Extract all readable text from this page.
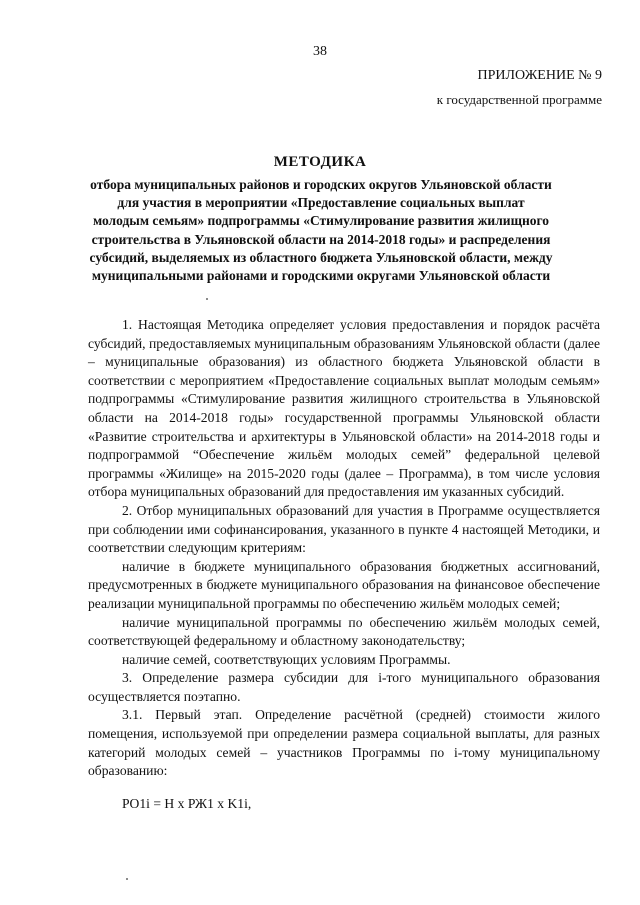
38
ПРИЛОЖЕНИЕ № 9
к государственной программе
МЕТОДИКА
отбора муниципальных районов и городских округов Ульяновской области для участия в мероприятии «Предоставление социальных выплат молодым семьям» подпрограммы «Стимулирование развития жилищного строительства в Ульяновской области на 2014-2018 годы» и распределения субсидий, выделяемых из областного бюджета Ульяновской области, между муниципальными районами и городскими округами Ульяновской области

1. Настоящая Методика определяет условия предоставления и порядок расчёта субсидий, предоставляемых муниципальным образованиям Ульяновской области (далее – муниципальные образования) из областного бюджета Ульяновской области в соответствии с мероприятием «Предоставление социальных выплат молодым семьям» подпрограммы «Стимулирование развития жилищного строительства в Ульяновской области на 2014-2018 годы» государственной программы Ульяновской области «Развитие строительства и архитектуры в Ульяновской области» на 2014-2018 годы и подпрограммой “Обеспечение жильём молодых семей” федеральной целевой программы «Жилище» на 2015-2020 годы (далее – Программа), в том числе условия отбора муниципальных образований для предоставления им указанных субсидий.

2. Отбор муниципальных образований для участия в Программе осуществляется при соблюдении ими софинансирования, указанного в пункте 4 настоящей Методики, и соответствии следующим критериям:

наличие в бюджете муниципального образования бюджетных ассигнований, предусмотренных в бюджете муниципального образования на финансовое обеспечение реализации муниципальной программы по обеспечению жильём молодых семей;

наличие муниципальной программы по обеспечению жильём молодых семей, соответствующей федеральному и областному законодательству;

наличие семей, соответствующих условиям Программы.

3. Определение размера субсидии для i-того муниципального образования осуществляется поэтапно.

3.1. Первый этап. Определение расчётной (средней) стоимости жилого помещения, используемой при определении размера социальной выплаты, для разных категорий молодых семей – участников Программы по i-тому муниципальному образованию:

PO1i = H x РЖ1 x K1i,
